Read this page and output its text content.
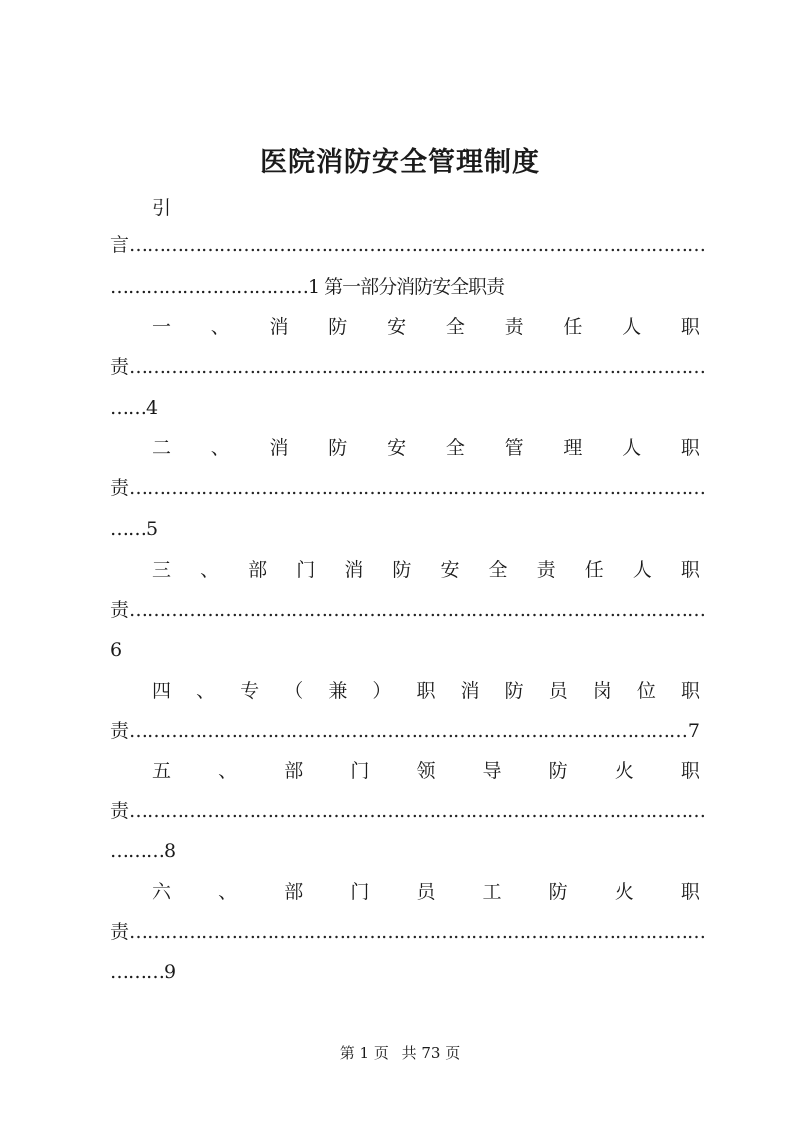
医院消防安全管理制度
引
言
……………………………………………………………………………………………………………………………………………………………………
……………………………1 第一部分消防安全职责
一 、 消 防 安 全 责 任 人 职
责
……………………………………………………………………………………………………………………………………………………………………
……4
二 、 消 防 安 全 管 理 人 职
责
……………………………………………………………………………………………………………………………………………………………………
……5
三 、 部 门 消 防 安 全 责 任 人 职
责
……………………………………………………………………………………………………………………………………………………………………
6
四 、 专 （ 兼 ） 职 消 防 员 岗 位 职
责 ……………………………………………………………………………………………………………………………………………………………………	7
五 、 部 门 领 导 防 火 职
责
……………………………………………………………………………………………………………………………………………………………………
………8
六 、 部 门 员 工 防 火 职
责
……………………………………………………………………………………………………………………………………………………………………
………9
第 1 页 共 73 页
